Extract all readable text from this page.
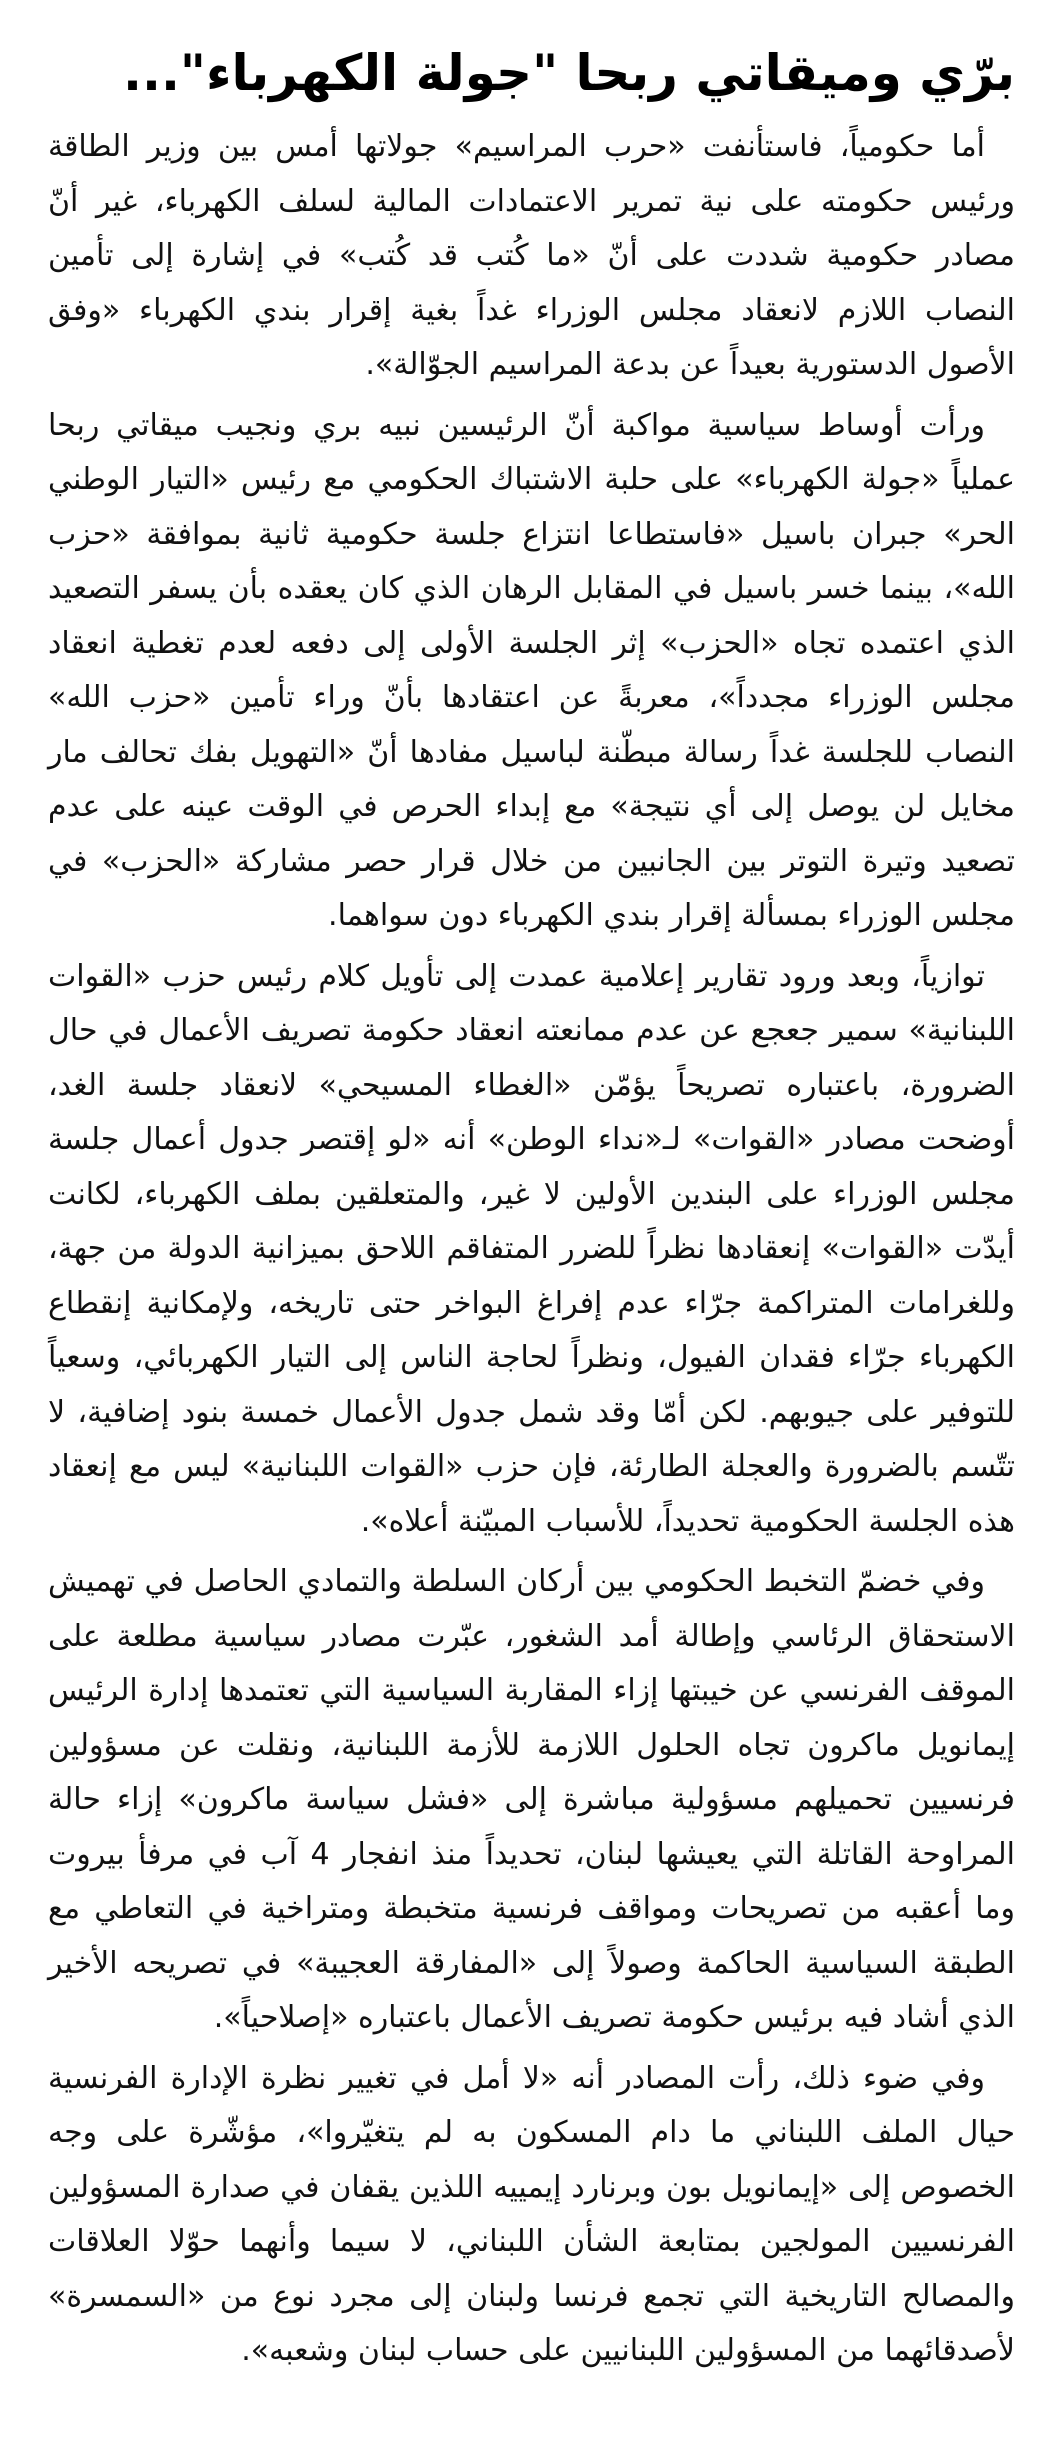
برّي وميقاتي ربحا "جولة الكهرباء"...

أما حكومياً، فاستأنفت «حرب المراسيم» جولاتها أمس بين وزير الطاقة ورئيس حكومته على نية تمرير الاعتمادات المالية لسلف الكهرباء، غير أنّ مصادر حكومية شددت على أنّ «ما كُتب قد كُتب» في إشارة إلى تأمين النصاب اللازم لانعقاد مجلس الوزراء غداً بغية إقرار بندي الكهرباء «وفق الأصول الدستورية بعيداً عن بدعة المراسيم الجوّالة».

ورأت أوساط سياسية مواكبة أنّ الرئيسين نبيه بري ونجيب ميقاتي ربحا عملياً «جولة الكهرباء» على حلبة الاشتباك الحكومي مع رئيس «التيار الوطني الحر» جبران باسيل «فاستطاعا انتزاع جلسة حكومية ثانية بموافقة «حزب الله»، بينما خسر باسيل في المقابل الرهان الذي كان يعقده بأن يسفر التصعيد الذي اعتمده تجاه «الحزب» إثر الجلسة الأولى إلى دفعه لعدم تغطية انعقاد مجلس الوزراء مجدداً»، معربةً عن اعتقادها بأنّ وراء تأمين «حزب الله» النصاب للجلسة غداً رسالة مبطّنة لباسيل مفادها أنّ «التهويل بفك تحالف مار مخايل لن يوصل إلى أي نتيجة» مع إبداء الحرص في الوقت عينه على عدم تصعيد وتيرة التوتر بين الجانبين من خلال قرار حصر مشاركة «الحزب» في مجلس الوزراء بمسألة إقرار بندي الكهرباء دون سواهما.

توازياً، وبعد ورود تقارير إعلامية عمدت إلى تأويل كلام رئيس حزب «القوات اللبنانية» سمير جعجع عن عدم ممانعته انعقاد حكومة تصريف الأعمال في حال الضرورة، باعتباره تصريحاً يؤمّن «الغطاء المسيحي» لانعقاد جلسة الغد، أوضحت مصادر «القوات» لـ«نداء الوطن» أنه «لو إقتصر جدول أعمال جلسة مجلس الوزراء على البندين الأولين لا غير، والمتعلقين بملف الكهرباء، لكانت أيدّت «القوات» إنعقادها نظراً للضرر المتفاقم اللاحق بميزانية الدولة من جهة، وللغرامات المتراكمة جرّاء عدم إفراغ البواخر حتى تاريخه، ولإمكانية إنقطاع الكهرباء جرّاء فقدان الفيول، ونظراً لحاجة الناس إلى التيار الكهربائي، وسعياً للتوفير على جيوبهم. لكن أمّا وقد شمل جدول الأعمال خمسة بنود إضافية، لا تتّسم بالضرورة والعجلة الطارئة، فإن حزب «القوات اللبنانية» ليس مع إنعقاد هذه الجلسة الحكومية تحديداً، للأسباب المبيّنة أعلاه».

وفي خضمّ التخبط الحكومي بين أركان السلطة والتمادي الحاصل في تهميش الاستحقاق الرئاسي وإطالة أمد الشغور، عبّرت مصادر سياسية مطلعة على الموقف الفرنسي عن خيبتها إزاء المقاربة السياسية التي تعتمدها إدارة الرئيس إيمانويل ماكرون تجاه الحلول اللازمة للأزمة اللبنانية، ونقلت عن مسؤولين فرنسيين تحميلهم مسؤولية مباشرة إلى «فشل سياسة ماكرون» إزاء حالة المراوحة القاتلة التي يعيشها لبنان، تحديداً منذ انفجار 4 آب في مرفأ بيروت وما أعقبه من تصريحات ومواقف فرنسية متخبطة ومتراخية في التعاطي مع الطبقة السياسية الحاكمة وصولاً إلى «المفارقة العجيبة» في تصريحه الأخير الذي أشاد فيه برئيس حكومة تصريف الأعمال باعتباره «إصلاحياً».

وفي ضوء ذلك، رأت المصادر أنه «لا أمل في تغيير نظرة الإدارة الفرنسية حيال الملف اللبناني ما دام المسكون به لم يتغيّروا»، مؤشّرة على وجه الخصوص إلى «إيمانويل بون وبرنارد إيمييه اللذين يقفان في صدارة المسؤولين الفرنسيين المولجين بمتابعة الشأن اللبناني، لا سيما وأنهما حوّلا العلاقات والمصالح التاريخية التي تجمع فرنسا ولبنان إلى مجرد نوع من «السمسرة» لأصدقائهما من المسؤولين اللبنانيين على حساب لبنان وشعبه».
